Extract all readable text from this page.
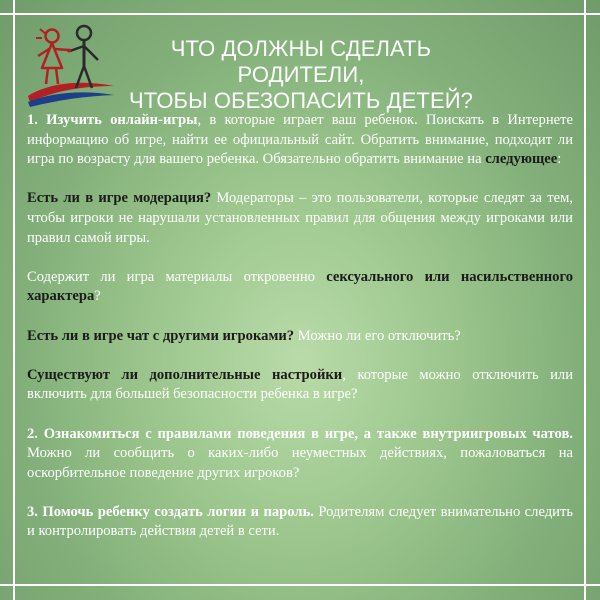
ЧТО ДОЛЖНЫ СДЕЛАТЬ РОДИТЕЛИ,
ЧТОБЫ ОБЕЗОПАСИТЬ ДЕТЕЙ?

1. Изучить онлайн-игры, в которые играет ваш ребенок. Поискать в Интернете информацию об игре, найти ее официальный сайт. Обратить внимание, подходит ли игра по возрасту для вашего ребенка. Обязательно обратить внимание на следующее:

Есть ли в игре модерация? Модераторы – это пользователи, которые следят за тем, чтобы игроки не нарушали установленных правил для общения между игроками или правил самой игры.

Содержит ли игра материалы откровенно сексуального или насильственного характера?

Есть ли в игре чат с другими игроками? Можно ли его отключить?

Существуют ли дополнительные настройки, которые можно отключить или включить для большей безопасности ребенка в игре?

2. Ознакомиться с правилами поведения в игре, а также внутриигровых чатов. Можно ли сообщить о каких-либо неуместных действиях, пожаловаться на оскорбительное поведение других игроков?

3. Помочь ребенку создать логин и пароль. Родителям следует внимательно следить и контролировать действия детей в сети.
